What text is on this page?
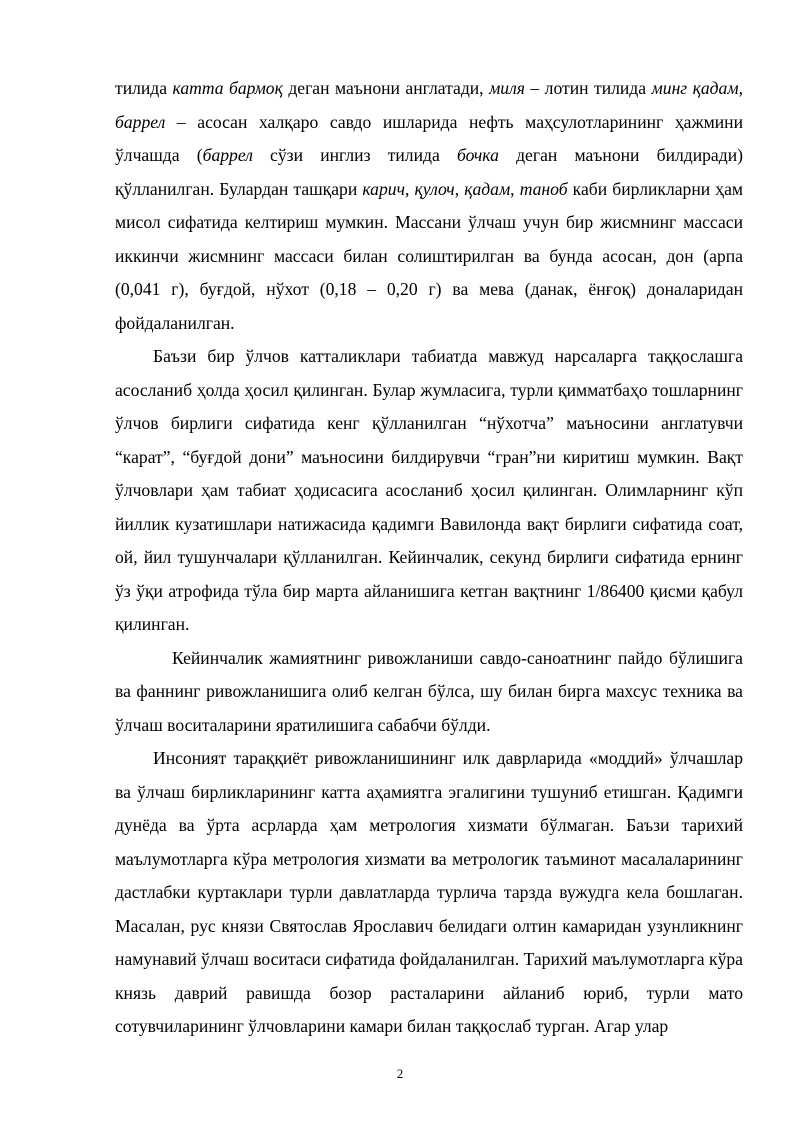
тилида катта бармоқ деган маънони англатади, миля – лотин тилида минг қадам, баррел – асосан халқаро савдо ишларида нефть маҳсулотларининг ҳажмини ўлчашда (баррел сўзи инглиз тилида бочка деган маънони билдиради) қўлланилган. Булардан ташқари карич, қулоч, қадам, таноб каби бирликларни ҳам мисол сифатида келтириш мумкин. Массани ўлчаш учун бир жисмнинг массаси иккинчи жисмнинг массаси билан солиштирилган ва бунда асосан, дон (арпа (0,041 г), буғдой, нўхот (0,18 – 0,20 г) ва мева (данак, ёнғоқ) доналаридан фойдаланилган.

Баъзи бир ўлчов катталиклари табиатда мавжуд нарсаларга таққослашга асосланиб ҳолда ҳосил қилинган. Булар жумласига, турли қимматбаҳо тошларнинг ўлчов бирлиги сифатида кенг қўлланилган “нўхотча” маъносини англатувчи “карат”, “буғдой дони” маъносини билдирувчи “гран”ни киритиш мумкин. Вақт ўлчовлари ҳам табиат ҳодисасига асосланиб ҳосил қилинган. Олимларнинг кўп йиллик кузатишлари натижасида қадимги Вавилонда вақт бирлиги сифатида соат, ой, йил тушунчалари қўлланилган. Кейинчалик, секунд бирлиги сифатида ернинг ўз ўқи атрофида тўла бир марта айланишига кетган вақтнинг 1/86400 қисми қабул қилинган.

Кейинчалик жамиятнинг ривожланиши савдо-саноатнинг пайдо бўлишига ва фаннинг ривожланишига олиб келган бўлса, шу билан бирга махсус техника ва ўлчаш воситаларини яратилишига сабабчи бўлди.

Инсоният тараққиёт ривожланишининг илк даврларида «моддий» ўлчашлар ва ўлчаш бирликларининг катта аҳамиятга эгалигини тушуниб етишган. Қадимги дунёда ва ўрта асрларда ҳам метрология хизмати бўлмаган. Баъзи тарихий маълумотларга кўра метрология хизмати ва метрологик таъминот масалаларининг дастлабки куртаклари турли давлатларда турлича тарзда вужудга кела бошлаган. Масалан, рус князи Святослав Ярославич белидаги олтин камаридан узунликнинг намунавий ўлчаш воситаси сифатида фойдаланилган. Тарихий маълумотларга кўра князь даврий равишда бозор расталарини айланиб юриб, турли мато сотувчиларининг ўлчовларини камари билан таққослаб турган. Агар улар

2
